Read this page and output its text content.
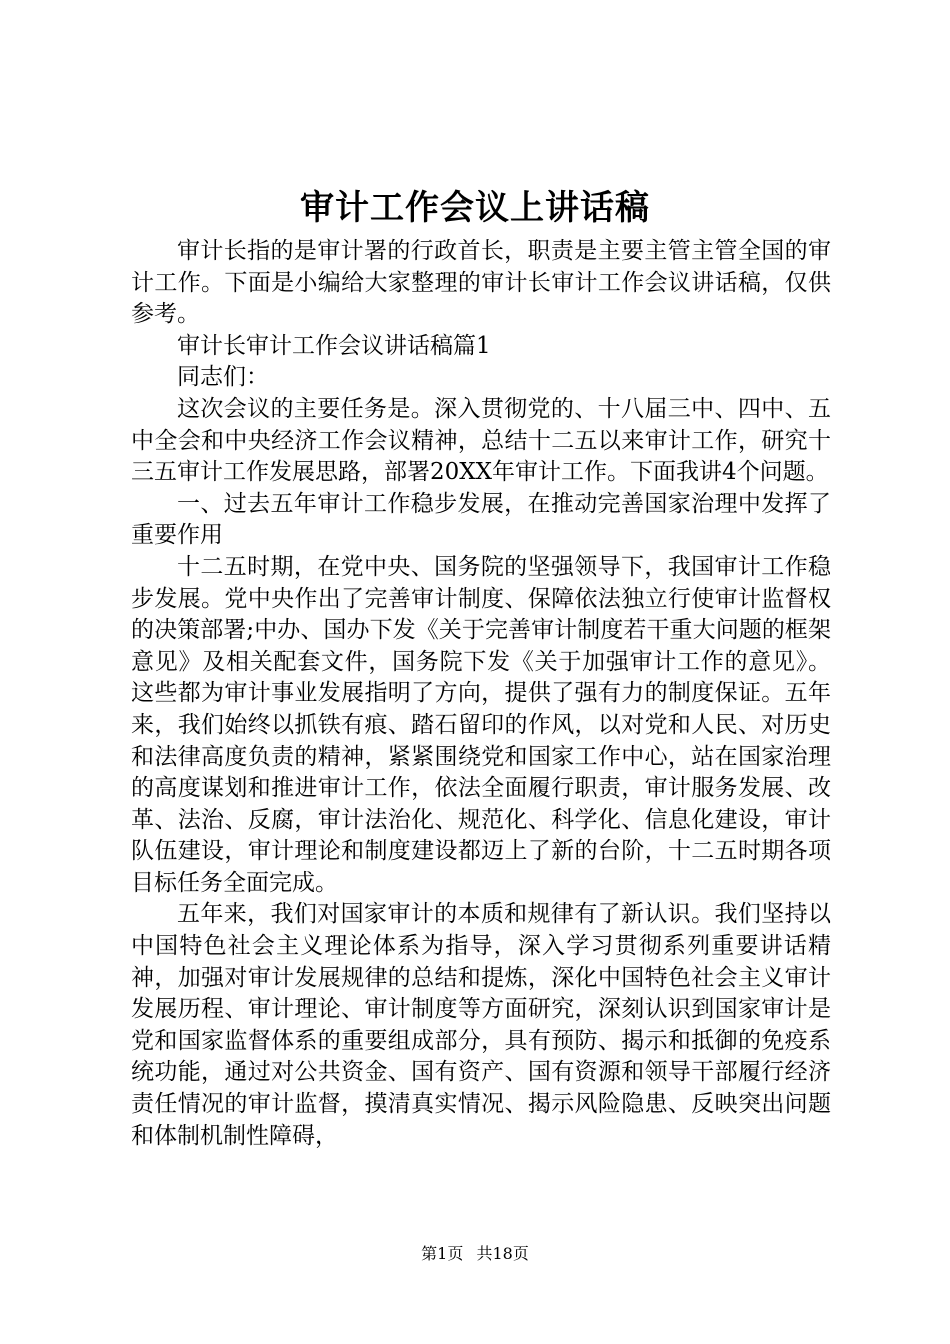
审计工作会议上讲话稿

审计长指的是审计署的行政首长，职责是主要主管主管全国的审计工作。下面是小编给大家整理的审计长审计工作会议讲话稿，仅供参考。

审计长审计工作会议讲话稿篇1

同志们：

这次会议的主要任务是。深入贯彻党的、十八届三中、四中、五中全会和中央经济工作会议精神，总结十二五以来审计工作，研究十三五审计工作发展思路，部署20XX年审计工作。下面我讲4个问题。

一、过去五年审计工作稳步发展，在推动完善国家治理中发挥了重要作用

十二五时期，在党中央、国务院的坚强领导下，我国审计工作稳步发展。党中央作出了完善审计制度、保障依法独立行使审计监督权的决策部署;中办、国办下发《关于完善审计制度若干重大问题的框架意见》及相关配套文件，国务院下发《关于加强审计工作的意见》。这些都为审计事业发展指明了方向，提供了强有力的制度保证。五年来，我们始终以抓铁有痕、踏石留印的作风，以对党和人民、对历史和法律高度负责的精神，紧紧围绕党和国家工作中心，站在国家治理的高度谋划和推进审计工作，依法全面履行职责，审计服务发展、改革、法治、反腐，审计法治化、规范化、科学化、信息化建设，审计队伍建设，审计理论和制度建设都迈上了新的台阶，十二五时期各项目标任务全面完成。

五年来，我们对国家审计的本质和规律有了新认识。我们坚持以中国特色社会主义理论体系为指导，深入学习贯彻系列重要讲话精神，加强对审计发展规律的总结和提炼，深化中国特色社会主义审计发展历程、审计理论、审计制度等方面研究，深刻认识到国家审计是党和国家监督体系的重要组成部分，具有预防、揭示和抵御的免疫系统功能，通过对公共资金、国有资产、国有资源和领导干部履行经济责任情况的审计监督，摸清真实情况、揭示风险隐患、反映突出问题和体制机制性障碍，

第1页 共18页
